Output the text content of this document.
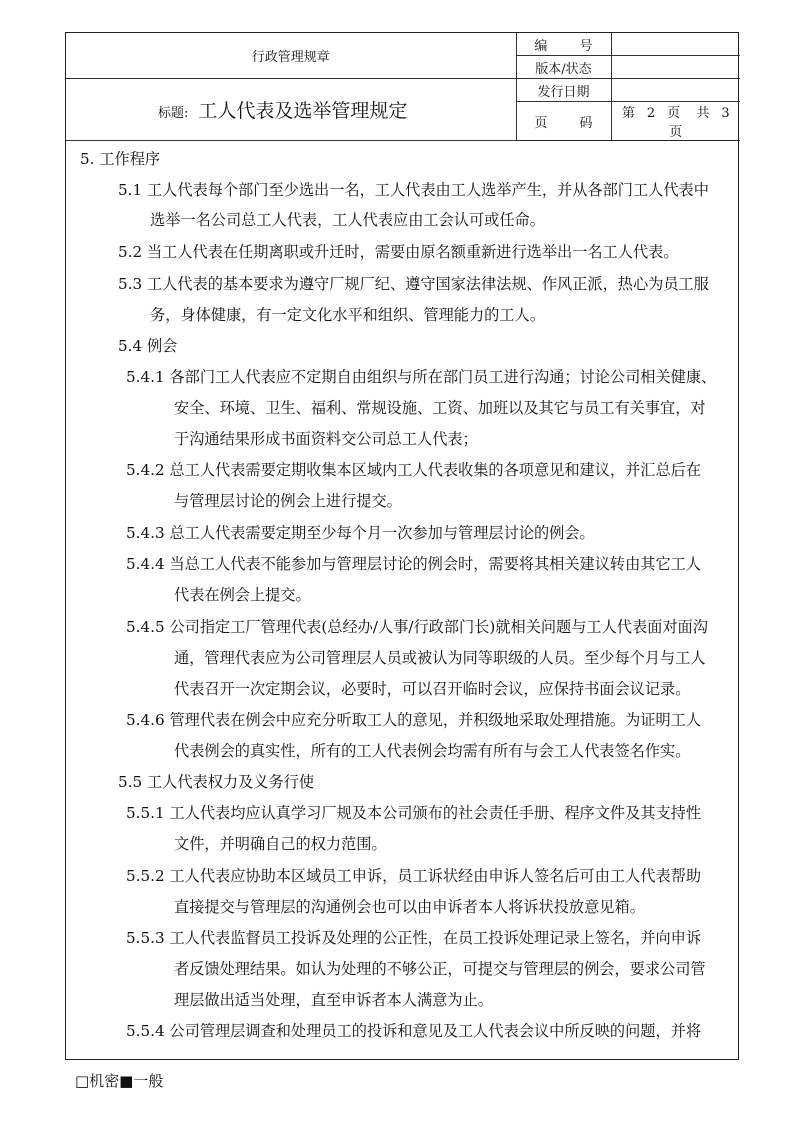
行政管理规章	编 号	
	版本/状态	
标题: 工人代表及选举管理规定	发行日期	
	页 码	第 2 页 共 3页
5. 工作程序
5.1 工人代表每个部门至少选出一名，工人代表由工人选举产生，并从各部门工人代表中
选举一名公司总工人代表，工人代表应由工会认可或任命。
5.2 当工人代表在任期离职或升迁时，需要由原名额重新进行选举出一名工人代表。
5.3 工人代表的基本要求为遵守厂规厂纪、遵守国家法律法规、作风正派，热心为员工服
务，身体健康，有一定文化水平和组织、管理能力的工人。
5.4 例会
5.4.1 各部门工人代表应不定期自由组织与所在部门员工进行沟通；讨论公司相关健康、
安全、环境、卫生、福利、常规设施、工资、加班以及其它与员工有关事宜，对
于沟通结果形成书面资料交公司总工人代表；
5.4.2 总工人代表需要定期收集本区域内工人代表收集的各项意见和建议，并汇总后在
与管理层讨论的例会上进行提交。
5.4.3 总工人代表需要定期至少每个月一次参加与管理层讨论的例会。
5.4.4 当总工人代表不能参加与管理层讨论的例会时，需要将其相关建议转由其它工人
代表在例会上提交。
5.4.5 公司指定工厂管理代表(总经办/人事/行政部门长)就相关问题与工人代表面对面沟
通，管理代表应为公司管理层人员或被认为同等职级的人员。至少每个月与工人
代表召开一次定期会议，必要时，可以召开临时会议，应保持书面会议记录。
5.4.6 管理代表在例会中应充分听取工人的意见，并积级地采取处理措施。为证明工人
代表例会的真实性，所有的工人代表例会均需有所有与会工人代表签名作实。
5.5 工人代表权力及义务行使
5.5.1 工人代表均应认真学习厂规及本公司颁布的社会责任手册、程序文件及其支持性
文件，并明确自己的权力范围。
5.5.2 工人代表应协助本区域员工申诉，员工诉状经由申诉人签名后可由工人代表帮助
直接提交与管理层的沟通例会也可以由申诉者本人将诉状投放意见箱。
5.5.3 工人代表监督员工投诉及处理的公正性，在员工投诉处理记录上签名，并向申诉
者反馈处理结果。如认为处理的不够公正，可提交与管理层的例会，要求公司管
理层做出适当处理，直至申诉者本人满意为止。
5.5.4 公司管理层调查和处理员工的投诉和意见及工人代表会议中所反映的问题，并将
□机密■一般
